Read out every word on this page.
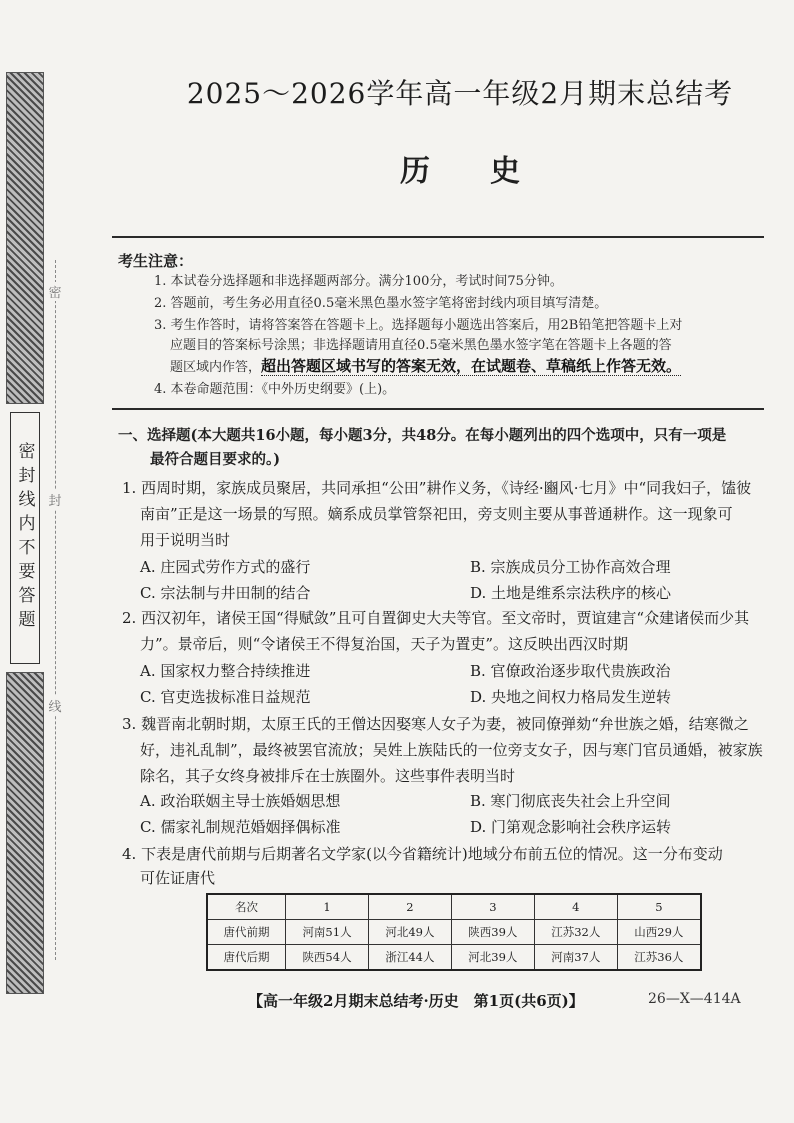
密封线内不要答题
密
封
线
2025～2026学年高一年级2月期末总结考
历史
考生注意：
1. 本试卷分选择题和非选择题两部分。满分100分，考试时间75分钟。
2. 答题前，考生务必用直径0.5毫米黑色墨水签字笔将密封线内项目填写清楚。
3. 考生作答时，请将答案答在答题卡上。选择题每小题选出答案后，用2B铅笔把答题卡上对
应题目的答案标号涂黑；非选择题请用直径0.5毫米黑色墨水签字笔在答题卡上各题的答
题区域内作答，超出答题区域书写的答案无效，在试题卷、草稿纸上作答无效。
4. 本卷命题范围：《中外历史纲要》(上)。
一、选择题(本大题共16小题，每小题3分，共48分。在每小题列出的四个选项中，只有一项是
最符合题目要求的。)
1. 西周时期，家族成员聚居，共同承担“公田”耕作义务，《诗经·豳风·七月》中“同我妇子，馌彼
南亩”正是这一场景的写照。嫡系成员掌管祭祀田，旁支则主要从事普通耕作。这一现象可
用于说明当时
A. 庄园式劳作方式的盛行	B. 宗族成员分工协作高效合理
C. 宗法制与井田制的结合	D. 土地是维系宗法秩序的核心
2. 西汉初年，诸侯王国“得赋敛”且可自置御史大夫等官。至文帝时，贾谊建言“众建诸侯而少其
力”。景帝后，则“令诸侯王不得复治国，天子为置吏”。这反映出西汉时期
A. 国家权力整合持续推进	B. 官僚政治逐步取代贵族政治
C. 官吏选拔标准日益规范	D. 央地之间权力格局发生逆转
3. 魏晋南北朝时期，太原王氏的王僧达因娶寒人女子为妻，被同僚弹劾“弁世族之婚，结寒微之
好，违礼乱制”，最终被罢官流放；吴姓上族陆氏的一位旁支女子，因与寒门官员通婚，被家族
除名，其子女终身被排斥在士族圈外。这些事件表明当时
A. 政治联姻主导士族婚姻思想	B. 寒门彻底丧失社会上升空间
C. 儒家礼制规范婚姻择偶标准	D. 门第观念影响社会秩序运转
4. 下表是唐代前期与后期著名文学家(以今省籍统计)地域分布前五位的情况。这一分布变动
可佐证唐代
名次	1	2	3	4	5
唐代前期	河南51人	河北49人	陕西39人	江苏32人	山西29人
唐代后期	陕西54人	浙江44人	河北39人	河南37人	江苏36人
【高一年级2月期末总结考·历史　第1页(共6页)】	26—X—414A
